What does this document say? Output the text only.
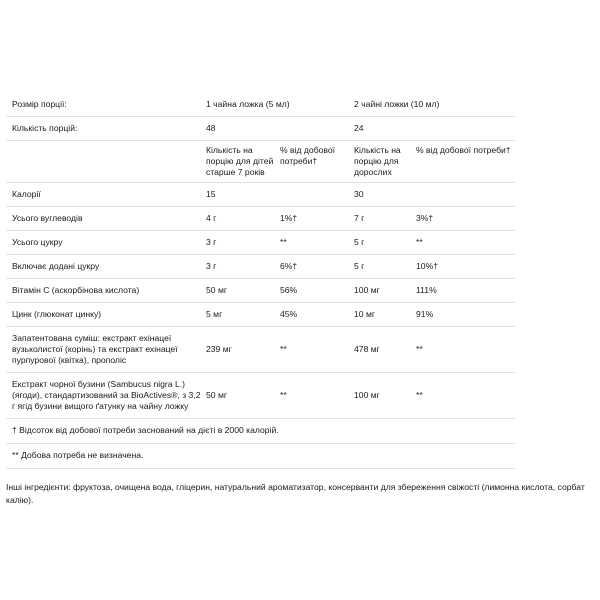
Розмір порції:	1 чайна ложка (5 мл)		2 чайні ложки (10 мл)	
Кількість порцій:	48		24	
	Кількість на порцію для дітей старше 7 років	% від добової потреби†	Кількість на порцію для дорослих	% від добової потреби†
Калорії	15		30	
Усього вуглеводів	4 г	1%†	7 г	3%†
Усього цукру	3 г	**	5 г	**
Включає додані цукру	3 г	6%†	5 г	10%†
Вітамін С (аскорбінова кислота)	50 мг	56%	100 мг	111%
Цинк (глюконат цинку)	5 мг	45%	10 мг	91%
Запатентована суміш: екстракт ехінацеї вузьколистої (корінь) та екстракт ехінацеї пурпурової (квітка), прополіс	239 мг	**	478 мг	**
Екстракт чорної бузини (Sambucus nigra L.) (ягоди), стандартизований за BioActives®, з 3,2 г ягід бузини вищого ґатунку на чайну ложку	50 мг	**	100 мг	**
† Відсоток від добової потреби заснований на дієті в 2000 калорій.				
** Добова потреба не визначена.				
Інші інгредієнти: фруктоза, очищена вода, гліцерин, натуральний ароматизатор, консерванти для збереження свіжості (лимонна кислота, сорбат калію).
